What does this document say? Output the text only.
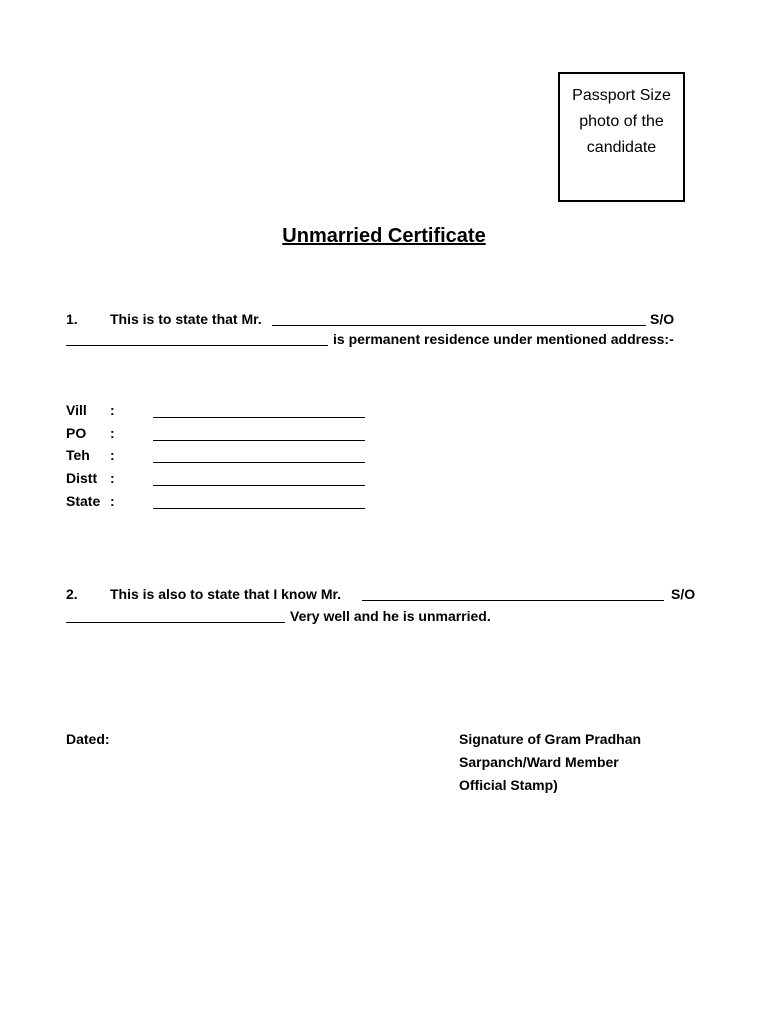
Passport Size
photo of the
candidate
Unmarried Certificate
1. This is to state that Mr.	S/O
is permanent residence under mentioned address:-
Vill :
PO :
Teh :
Distt :
State :
2. This is also to state that I know Mr.	S/O
Very well and he is unmarried.
Dated:	Signature of Gram Pradhan
Sarpanch/Ward Member
Official Stamp)
